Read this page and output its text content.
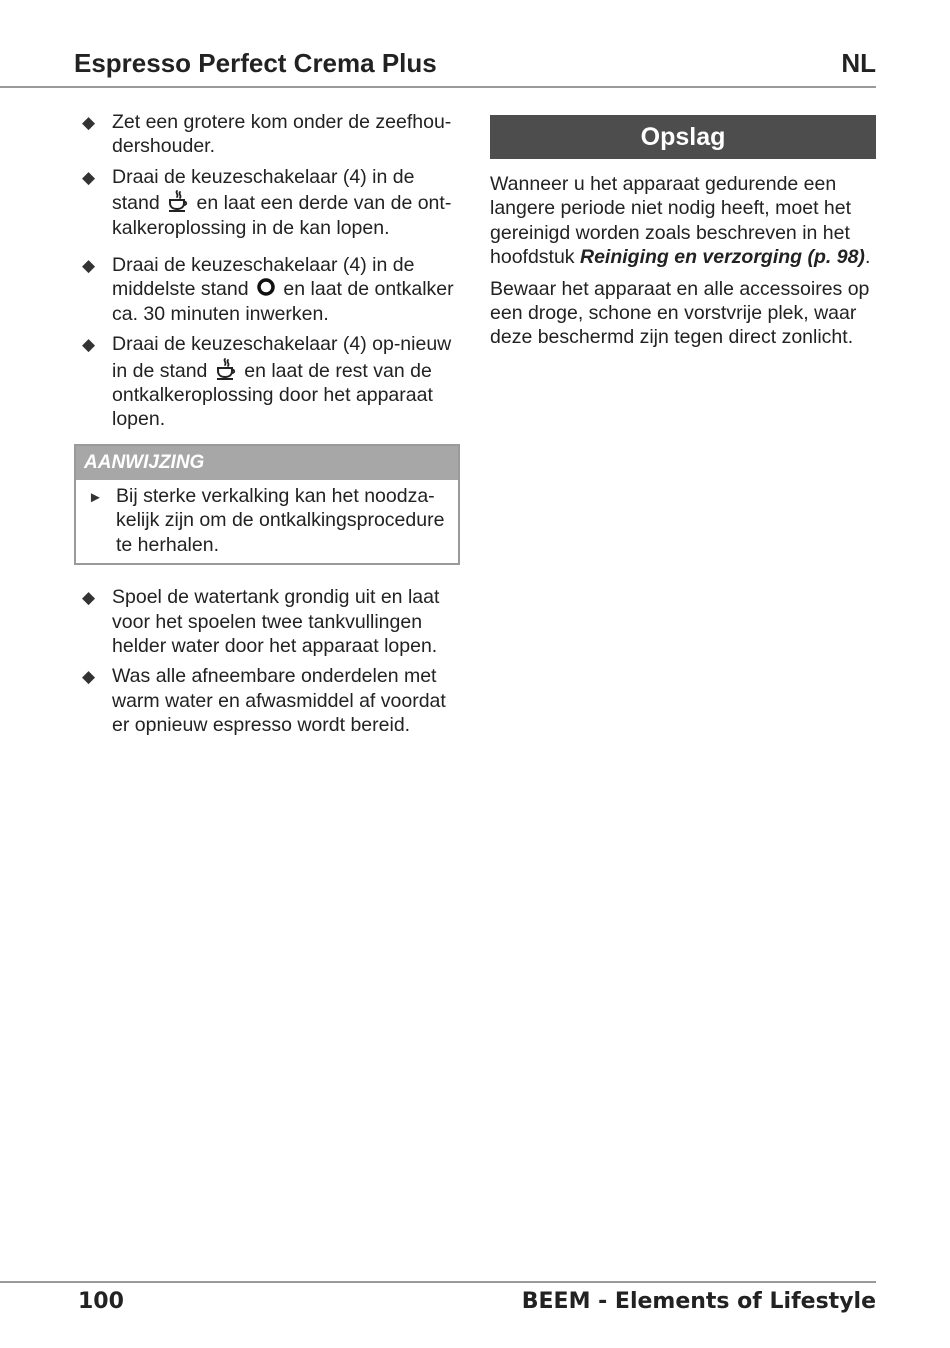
Espresso Perfect Crema Plus	NL
◆ Zet een grotere kom onder de zeefhou-dershouder.
◆ Draai de keuzeschakelaar (4) in de stand  en laat een derde van de ont-kalkeroplossing in de kan lopen.
◆ Draai de keuzeschakelaar (4) in de middelste stand  en laat de ontkalker ca. 30 minuten inwerken.
◆ Draai de keuzeschakelaar (4) op-nieuw in de stand  en laat de rest van de ontkalkeroplossing door het apparaat lopen.
AANWIJZING
► Bij sterke verkalking kan het noodza-kelijk zijn om de ontkalkingsprocedure te herhalen.
◆ Spoel de watertank grondig uit en laat voor het spoelen twee tankvullingen helder water door het apparaat lopen.
◆ Was alle afneembare onderdelen met warm water en afwasmiddel af voordat er opnieuw espresso wordt bereid.
Opslag
Wanneer u het apparaat gedurende een langere periode niet nodig heeft, moet het gereinigd worden zoals beschreven in het hoofdstuk Reiniging en verzorging (p. 98).
Bewaar het apparaat en alle accessoires op een droge, schone en vorstvrije plek, waar deze beschermd zijn tegen direct zonlicht.
100	BEEM - Elements of Lifestyle
